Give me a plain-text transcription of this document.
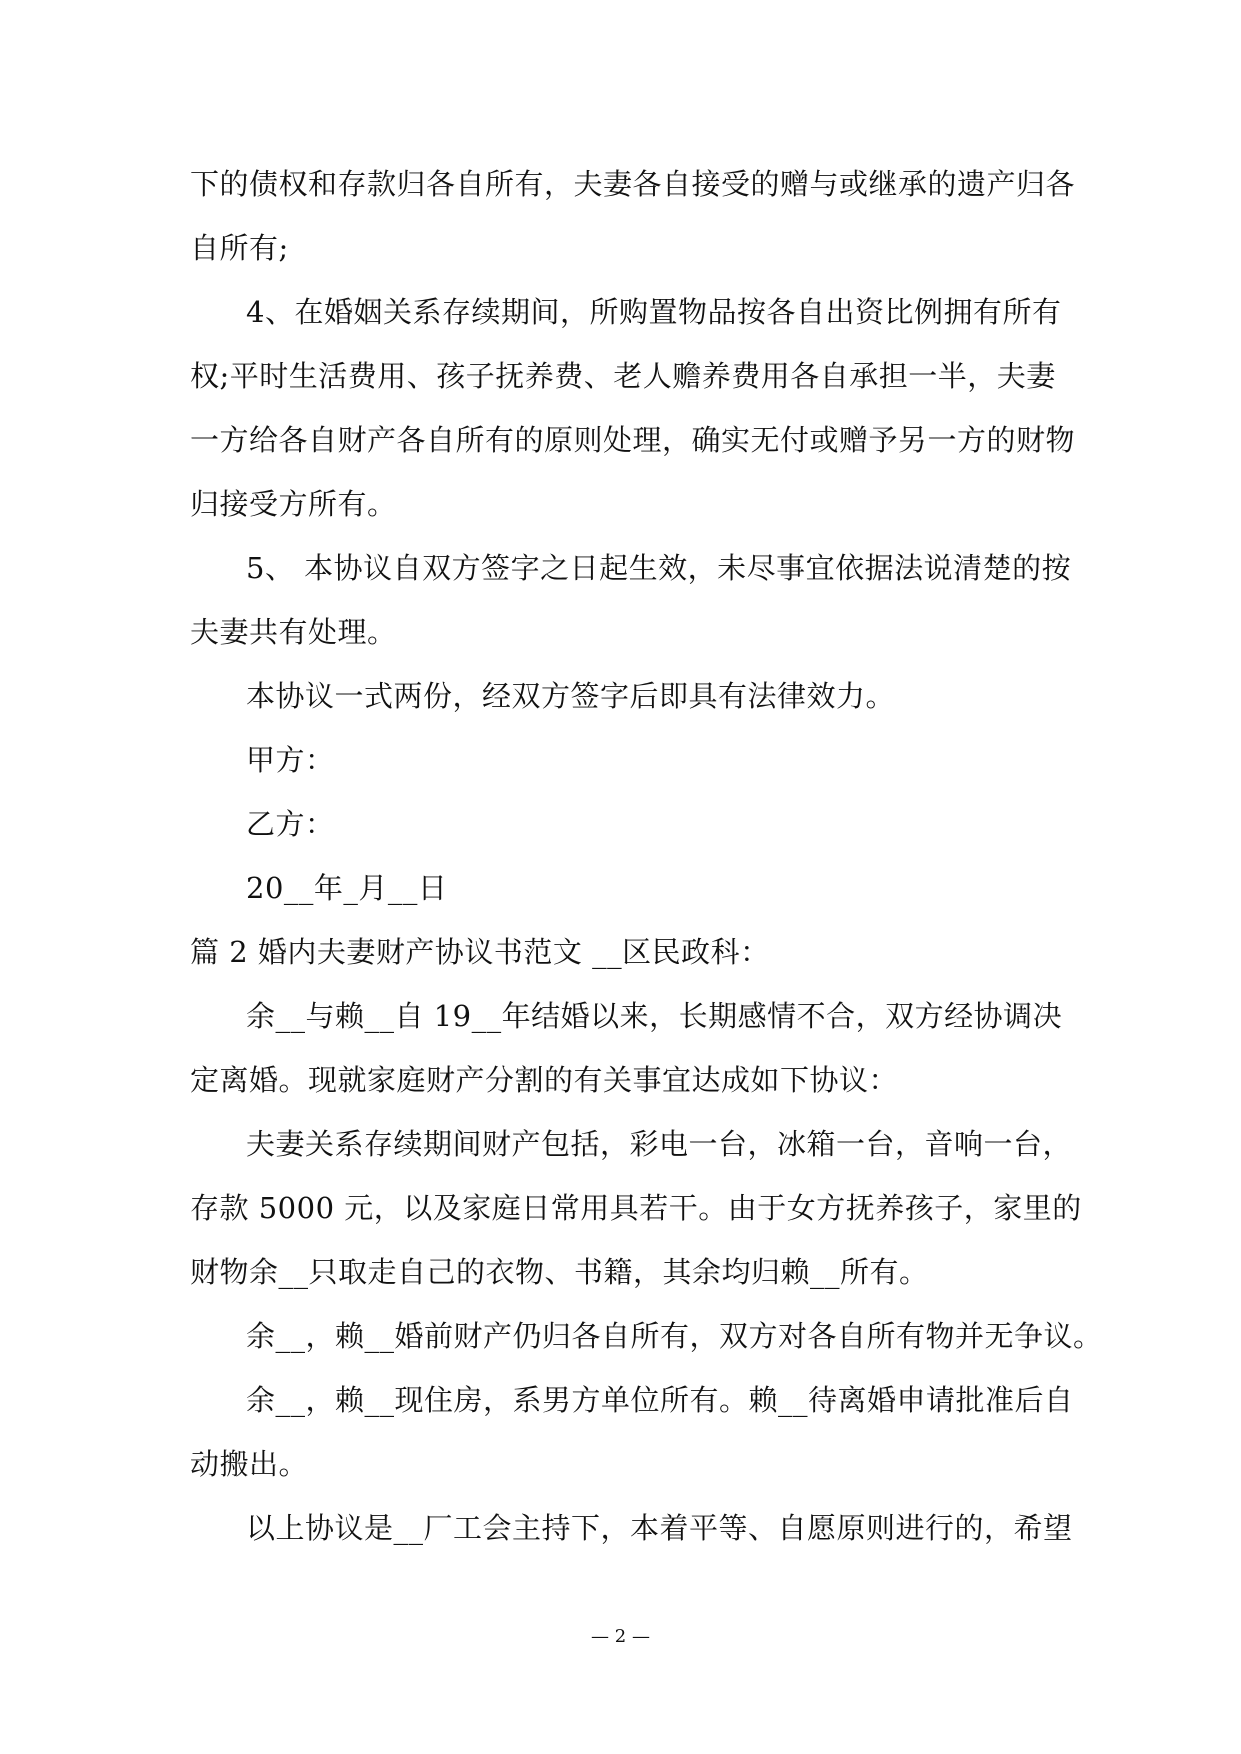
下的债权和存款归各自所有，夫妻各自接受的赠与或继承的遗产归各
自所有;
4、在婚姻关系存续期间，所购置物品按各自出资比例拥有所有
权;平时生活费用、孩子抚养费、老人赡养费用各自承担一半，夫妻
一方给各自财产各自所有的原则处理，确实无付或赠予另一方的财物
归接受方所有。
5、 本协议自双方签字之日起生效，未尽事宜依据法说清楚的按
夫妻共有处理。
本协议一式两份，经双方签字后即具有法律效力。
甲方：
乙方：
20__年_月__日
篇 2 婚内夫妻财产协议书范文 __区民政科：
余__与赖__自 19__年结婚以来，长期感情不合，双方经协调决
定离婚。现就家庭财产分割的有关事宜达成如下协议：
夫妻关系存续期间财产包括，彩电一台，冰箱一台，音响一台，
存款 5000 元，以及家庭日常用具若干。由于女方抚养孩子，家里的
财物余__只取走自己的衣物、书籍，其余均归赖__所有。
余__，赖__婚前财产仍归各自所有，双方对各自所有物并无争议。
余__，赖__现住房，系男方单位所有。赖__待离婚申请批准后自
动搬出。
以上协议是__厂工会主持下，本着平等、自愿原则进行的，希望
— 2 —
